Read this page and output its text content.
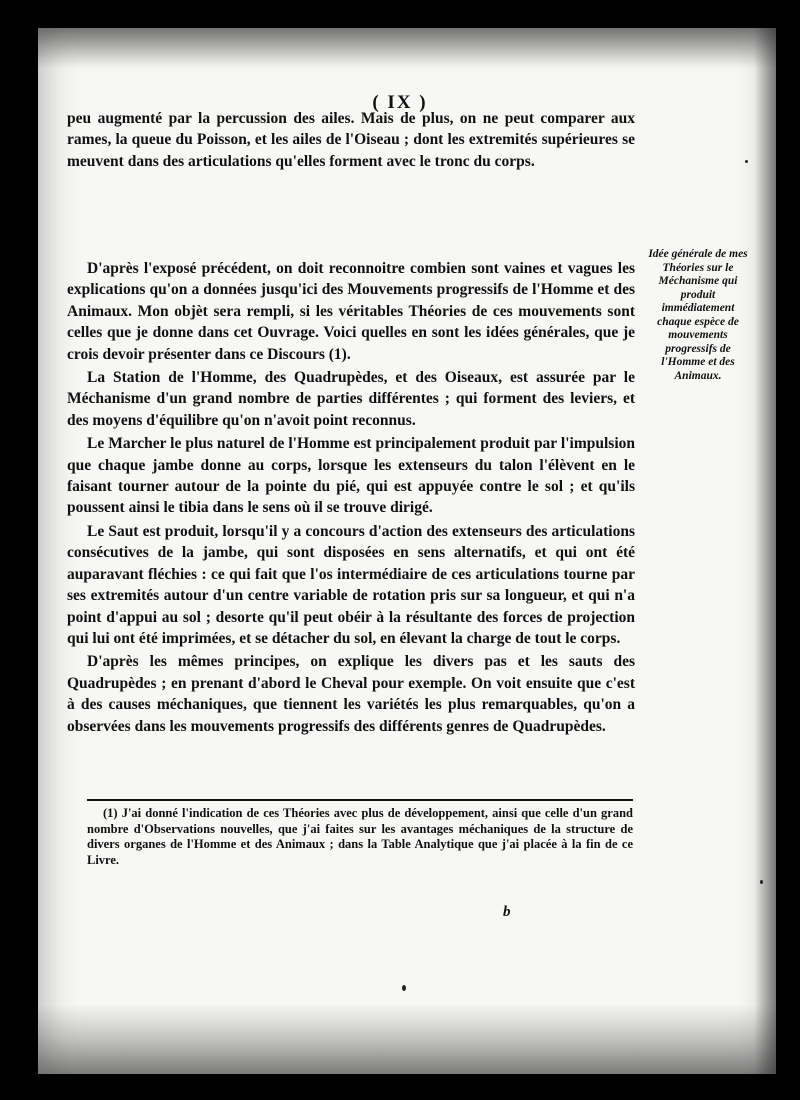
( IX )

peu augmenté par la percussion des ailes. Mais de plus, on ne peut comparer aux rames, la queue du Poisson, et les ailes de l'Oiseau ; dont les extremités supérieures se meuvent dans des articulations qu'elles forment avec le tronc du corps.

D'après l'exposé précédent, on doit reconnoitre combien sont vaines et vagues les explications qu'on a données jusqu'ici des Mouvements progressifs de l'Homme et des Animaux. Mon objèt sera rempli, si les véritables Théories de ces mouvements sont celles que je donne dans cet Ouvrage. Voici quelles en sont les idées générales, que je crois devoir présenter dans ce Discours (1).

La Station de l'Homme, des Quadrupèdes, et des Oiseaux, est assurée par le Méchanisme d'un grand nombre de parties différentes ; qui forment des leviers, et des moyens d'équilibre qu'on n'avoit point reconnus.

Le Marcher le plus naturel de l'Homme est principalement produit par l'impulsion que chaque jambe donne au corps, lorsque les extenseurs du talon l'élèvent en le faisant tourner autour de la pointe du pié, qui est appuyée contre le sol ; et qu'ils poussent ainsi le tibia dans le sens où il se trouve dirigé.

Le Saut est produit, lorsqu'il y a concours d'action des extenseurs des articulations consécutives de la jambe, qui sont disposées en sens alternatifs, et qui ont été auparavant fléchies : ce qui fait que l'os intermédiaire de ces articulations tourne par ses extremités autour d'un centre variable de rotation pris sur sa longueur, et qui n'a point d'appui au sol ; desorte qu'il peut obéir à la résultante des forces de projection qui lui ont été imprimées, et se détacher du sol, en élevant la charge de tout le corps.

D'après les mêmes principes, on explique les divers pas et les sauts des Quadrupèdes ; en prenant d'abord le Cheval pour exemple. On voit ensuite que c'est à des causes méchaniques, que tiennent les variétés les plus remarquables, qu'on a observées dans les mouvements progressifs des différents genres de Quadrupèdes.

Idée générale de mes Théories sur le Méchanisme qui produit immédiatement chaque espèce de mouvements progressifs de l'Homme et des Animaux.

(1) J'ai donné l'indication de ces Théories avec plus de développement, ainsi que celle d'un grand nombre d'Observations nouvelles, que j'ai faites sur les avantages méchaniques de la structure de divers organes de l'Homme et des Animaux ; dans la Table Analytique que j'ai placée à la fin de ce Livre.

b
